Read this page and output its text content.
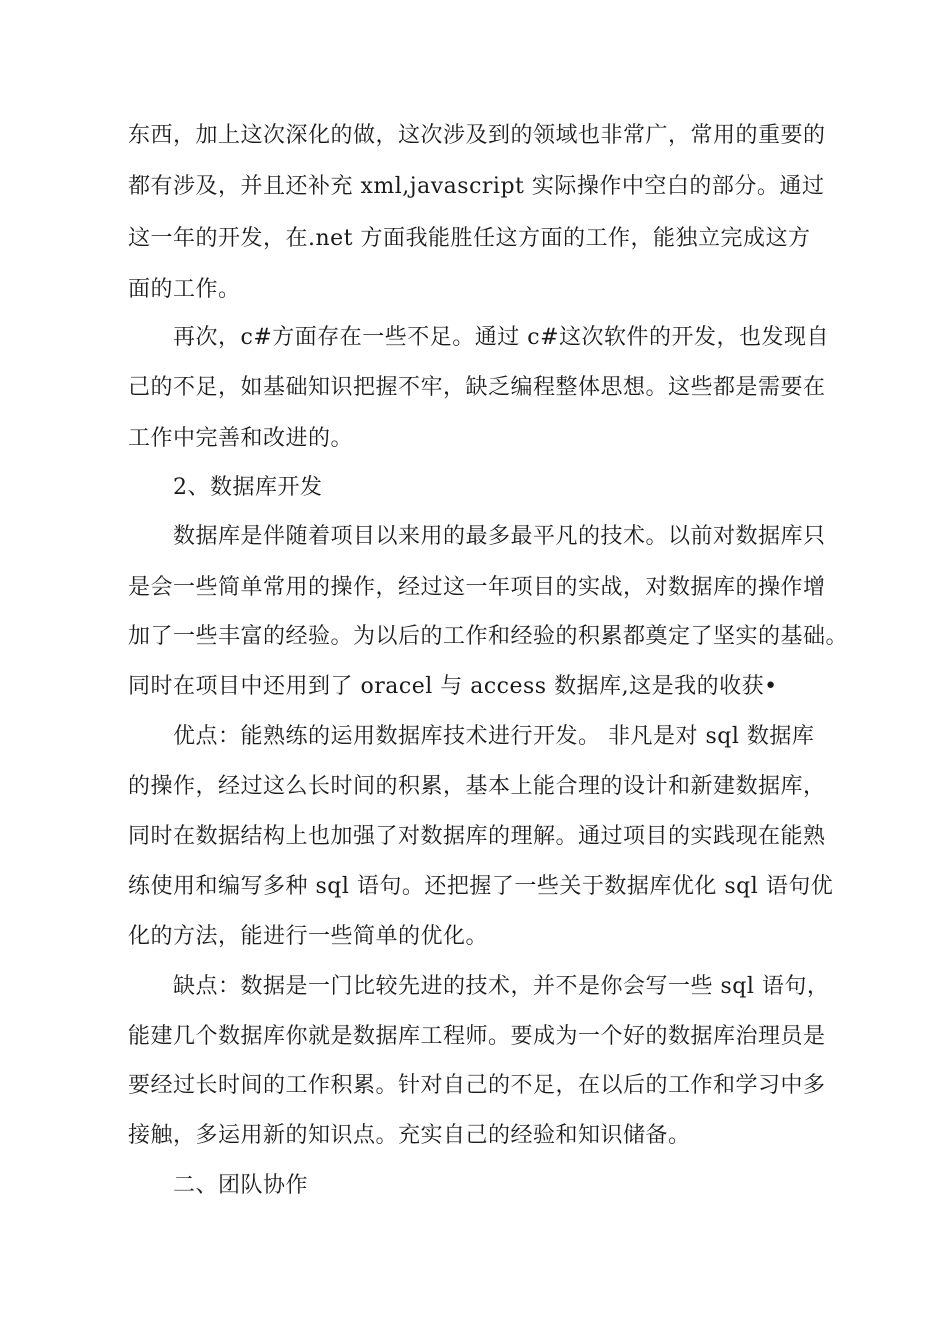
东西，加上这次深化的做，这次涉及到的领域也非常广，常用的重要的
都有涉及，并且还补充 xml,javascript 实际操作中空白的部分。通过
这一年的开发，在.net 方面我能胜任这方面的工作，能独立完成这方
面的工作。
再次，c#方面存在一些不足。通过 c#这次软件的开发，也发现自
己的不足，如基础知识把握不牢，缺乏编程整体思想。这些都是需要在
工作中完善和改进的。
2、数据库开发
数据库是伴随着项目以来用的最多最平凡的技术。以前对数据库只
是会一些简单常用的操作，经过这一年项目的实战，对数据库的操作增
加了一些丰富的经验。为以后的工作和经验的积累都奠定了坚实的基础。
同时在项目中还用到了 oracel 与 access 数据库,这是我的收获•
优点：能熟练的运用数据库技术进行开发。 非凡是对 sql 数据库
的操作，经过这么长时间的积累，基本上能合理的设计和新建数据库，
同时在数据结构上也加强了对数据库的理解。通过项目的实践现在能熟
练使用和编写多种 sql 语句。还把握了一些关于数据库优化 sql 语句优
化的方法，能进行一些简单的优化。
缺点：数据是一门比较先进的技术，并不是你会写一些 sql 语句，
能建几个数据库你就是数据库工程师。要成为一个好的数据库治理员是
要经过长时间的工作积累。针对自己的不足，在以后的工作和学习中多
接触，多运用新的知识点。充实自己的经验和知识储备。
二、团队协作
